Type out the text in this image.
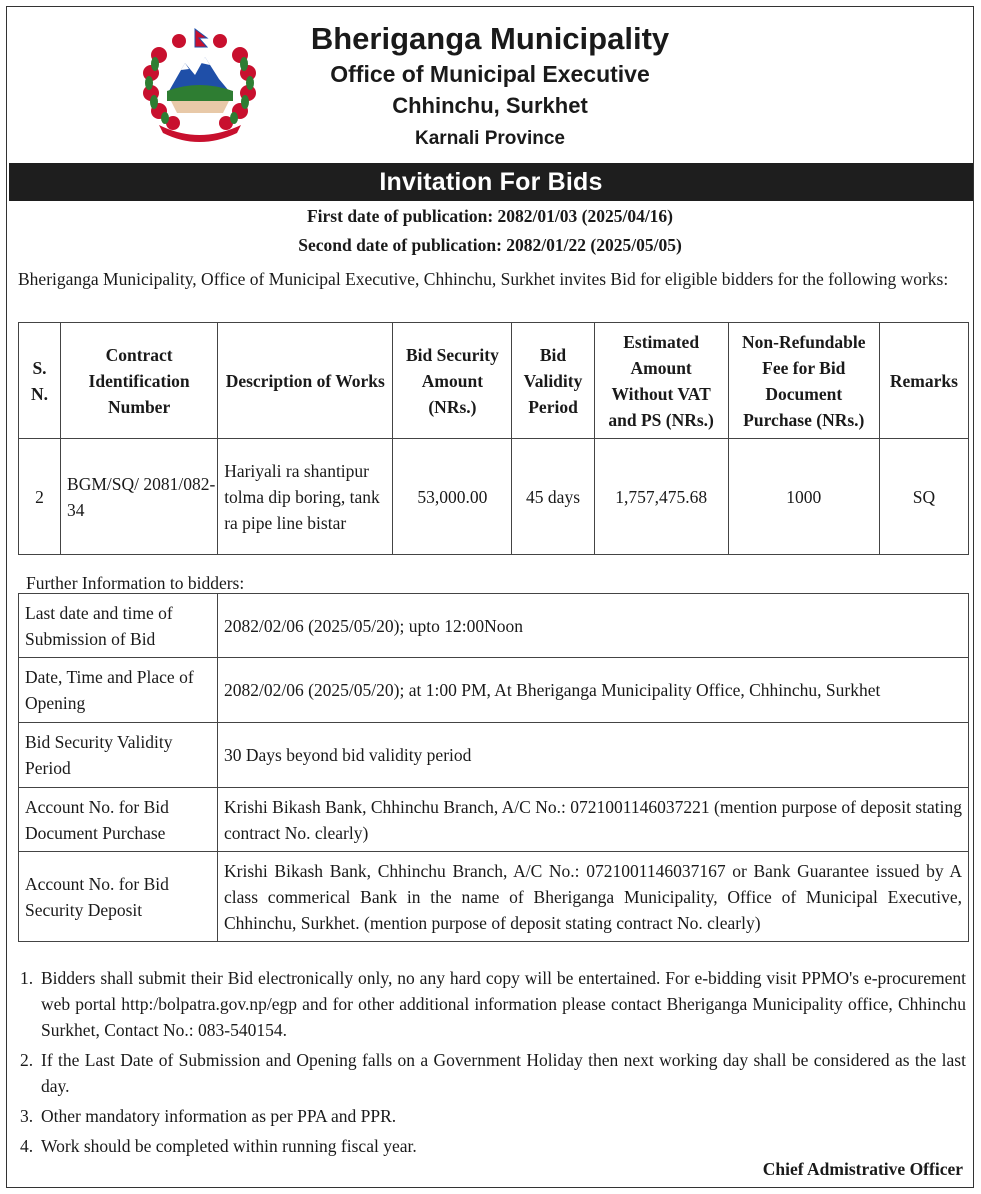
Bheriganga Municipality
Office of Municipal Executive
Chhinchu, Surkhet
Karnali Province
Invitation For Bids
First date of publication: 2082/01/03 (2025/04/16)
Second date of publication: 2082/01/22 (2025/05/05)

Bheriganga Municipality, Office of Municipal Executive, Chhinchu, Surkhet invites Bid for eligible bidders for the following works:

S. N.	Contract Identification Number	Description of Works	Bid Security Amount (NRs.)	Bid Validity Period	Estimated Amount Without VAT and PS (NRs.)	Non-Refundable Fee for Bid Document Purchase (NRs.)	Remarks
2	BGM/SQ/ 2081/082-34	Hariyali ra shantipur tolma dip boring, tank ra pipe line bistar	53,000.00	45 days	1,757,475.68	1000	SQ
Further Information to bidders:
Last date and time of Submission of Bid	2082/02/06 (2025/05/20); upto 12:00Noon
Date, Time and Place of Opening	2082/02/06 (2025/05/20); at 1:00 PM, At Bheriganga Municipality Office, Chhinchu, Surkhet
Bid Security Validity Period	30 Days beyond bid validity period
Account No. for Bid Document Purchase	Krishi Bikash Bank, Chhinchu Branch, A/C No.: 0721001146037221 (mention purpose of deposit stating contract No. clearly)
Account No. for Bid Security Deposit	Krishi Bikash Bank, Chhinchu Branch, A/C No.: 0721001146037167 or Bank Guarantee issued by A class commerical Bank in the name of Bheriganga Municipality, Office of Municipal Executive, Chhinchu, Surkhet. (mention purpose of deposit stating contract No. clearly)
1. Bidders shall submit their Bid electronically only, no any hard copy will be entertained. For e-bidding visit PPMO's e-procurement web portal http:/bolpatra.gov.np/egp and for other additional information please contact Bheriganga Municipality office, Chhinchu Surkhet, Contact No.: 083-540154.
2. If the Last Date of Submission and Opening falls on a Government Holiday then next working day shall be considered as the last day.
3. Other mandatory information as per PPA and PPR.
4. Work should be completed within running fiscal year.
Chief Admistrative Officer
